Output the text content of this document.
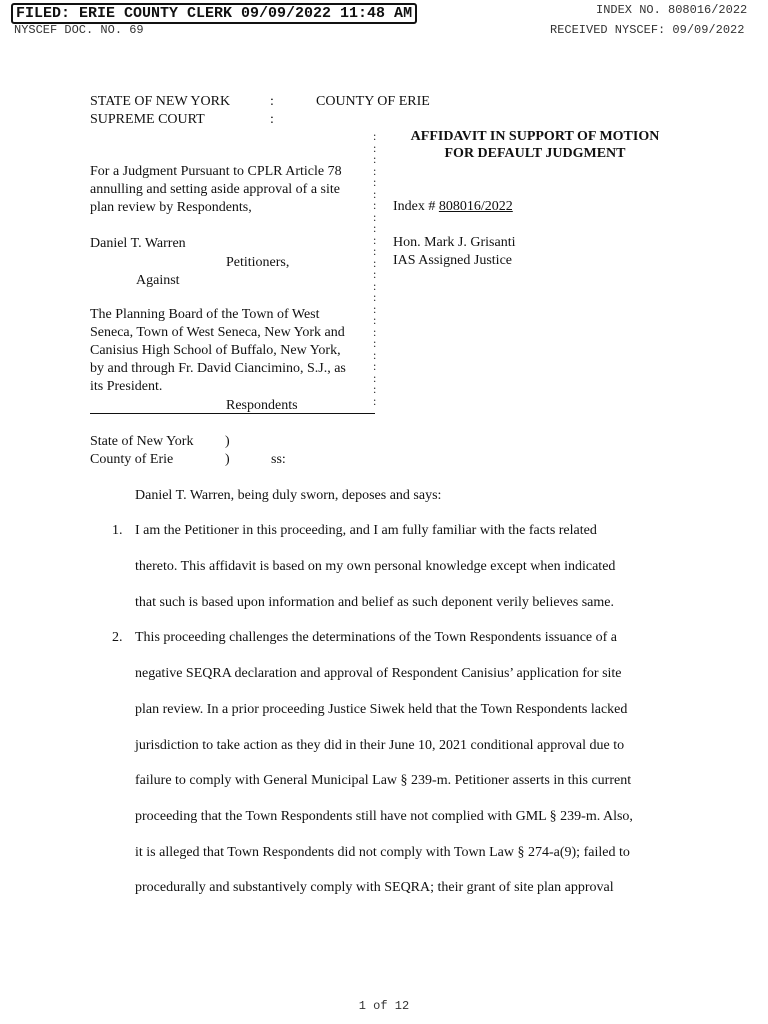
FILED: ERIE COUNTY CLERK 09/09/2022 11:48 AM	INDEX NO. 808016/2022
NYSCEF DOC. NO. 69	RECEIVED NYSCEF: 09/09/2022
STATE OF NEW YORK	:	COUNTY OF ERIE
SUPREME COURT	:
:
:
:
:
:
:
:
:
:
:
:
:
:
:
:
:
:
:
:
:
:
:
:
:
For a Judgment Pursuant to CPLR Article 78
annulling and setting aside approval of a site
plan review by Respondents,
Daniel T. Warren
Petitioners,
Against
The Planning Board of the Town of West
Seneca, Town of West Seneca, New York and
Canisius High School of Buffalo, New York,
by and through Fr. David Ciancimino, S.J., as
its President.
Respondents
AFFIDAVIT IN SUPPORT OF MOTION
FOR DEFAULT JUDGMENT
Index # 808016/2022
Hon. Mark J. Grisanti
IAS Assigned Justice
State of New York )
County of Erie	)	ss:
Daniel T. Warren, being duly sworn, deposes and says:
1. I am the Petitioner in this proceeding, and I am fully familiar with the facts related
thereto. This affidavit is based on my own personal knowledge except when indicated
that such is based upon information and belief as such deponent verily believes same.
2. This proceeding challenges the determinations of the Town Respondents issuance of a
negative SEQRA declaration and approval of Respondent Canisius’ application for site
plan review. In a prior proceeding Justice Siwek held that the Town Respondents lacked
jurisdiction to take action as they did in their June 10, 2021 conditional approval due to
failure to comply with General Municipal Law § 239-m. Petitioner asserts in this current
proceeding that the Town Respondents still have not complied with GML § 239-m. Also,
it is alleged that Town Respondents did not comply with Town Law § 274-a(9); failed to
procedurally and substantively comply with SEQRA; their grant of site plan approval
1 of 12
